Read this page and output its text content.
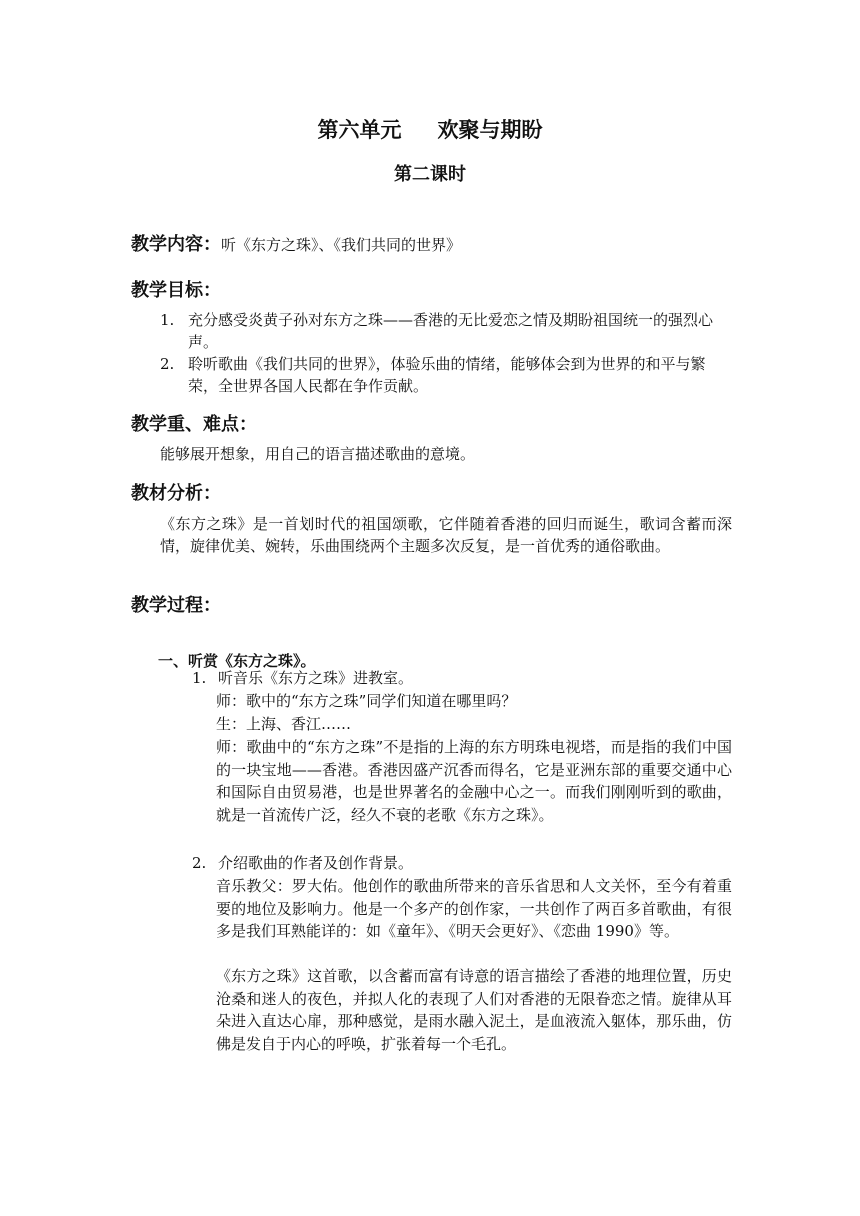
第六单元 欢聚与期盼
第二课时
教学内容：听《东方之珠》、《我们共同的世界》
教学目标：
1. 充分感受炎黄子孙对东方之珠——香港的无比爱恋之情及期盼祖国统一的强烈心声。
2. 聆听歌曲《我们共同的世界》，体验乐曲的情绪，能够体会到为世界的和平与繁荣，全世界各国人民都在争作贡献。
教学重、难点：
能够展开想象，用自己的语言描述歌曲的意境。
教材分析：
《东方之珠》是一首划时代的祖国颂歌，它伴随着香港的回归而诞生，歌词含蓄而深情，旋律优美、婉转，乐曲围绕两个主题多次反复，是一首优秀的通俗歌曲。
教学过程：
一、听赏《东方之珠》。
1. 听音乐《东方之珠》进教室。
师：歌中的“东方之珠”同学们知道在哪里吗？
生：上海、香江……
师：歌曲中的“东方之珠”不是指的上海的东方明珠电视塔，而是指的我们中国的一块宝地——香港。香港因盛产沉香而得名，它是亚洲东部的重要交通中心和国际自由贸易港，也是世界著名的金融中心之一。而我们刚刚听到的歌曲，就是一首流传广泛，经久不衰的老歌《东方之珠》。
2. 介绍歌曲的作者及创作背景。
音乐教父：罗大佑。他创作的歌曲所带来的音乐省思和人文关怀，至今有着重要的地位及影响力。他是一个多产的创作家，一共创作了两百多首歌曲，有很多是我们耳熟能详的：如《童年》、《明天会更好》、《恋曲 1990》等。
《东方之珠》这首歌，以含蓄而富有诗意的语言描绘了香港的地理位置，历史沧桑和迷人的夜色，并拟人化的表现了人们对香港的无限眷恋之情。旋律从耳朵进入直达心扉，那种感觉，是雨水融入泥土，是血液流入躯体，那乐曲，仿佛是发自于内心的呼唤，扩张着每一个毛孔。
